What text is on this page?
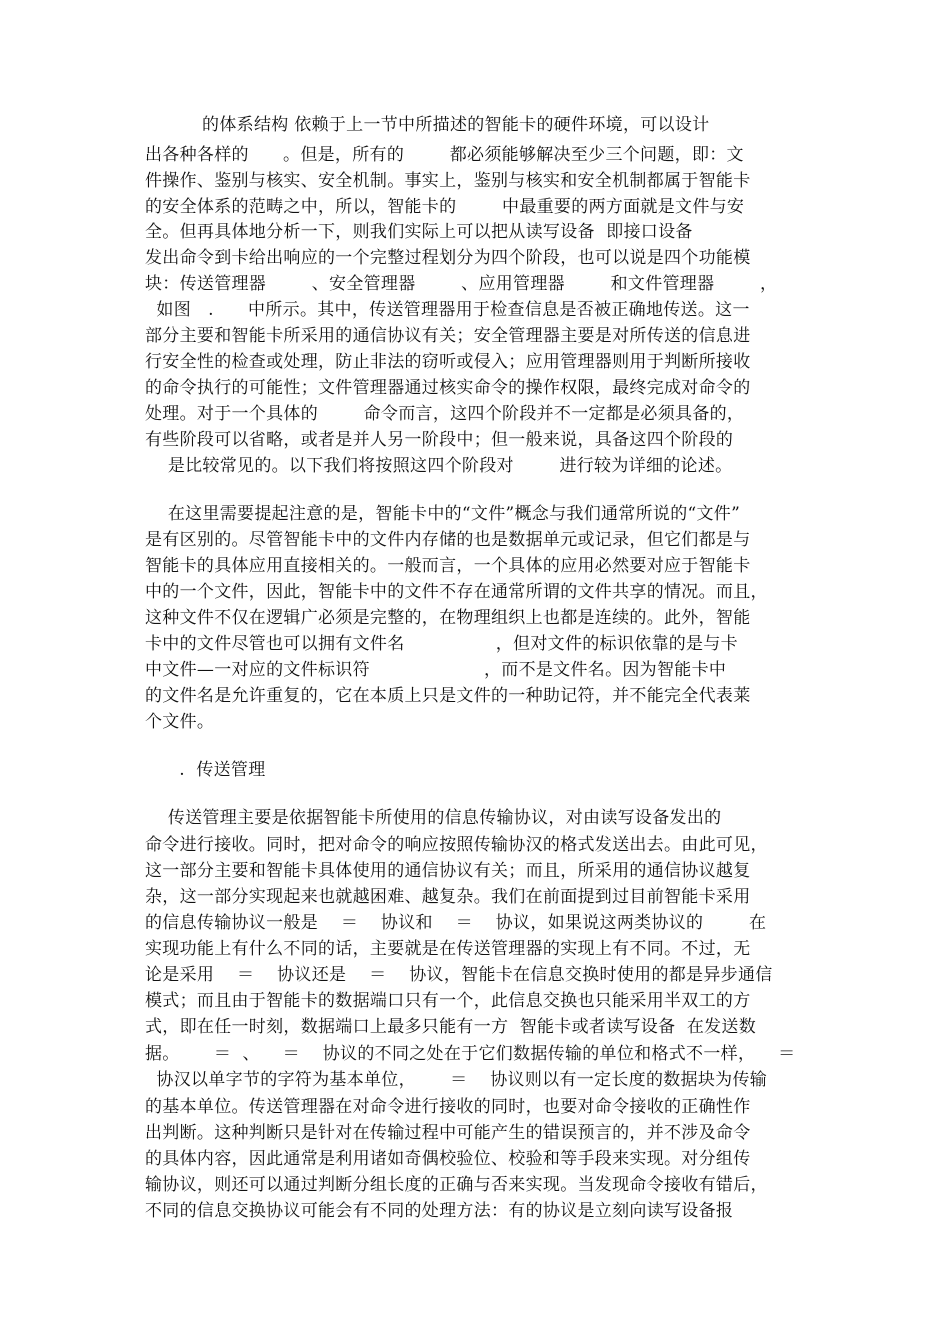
的体系结构 依赖于上一节中所描述的智能卡的硬件环境，可以设计
出各种各样的      。但是，所有的        都必须能够解决至少三个问题，即：文
件操作、鉴别与核实、安全机制。事实上，鉴别与核实和安全机制都属于智能卡
的安全体系的范畴之中，所以，智能卡的        中最重要的两方面就是文件与安
全。但再具体地分析一下，则我们实际上可以把从读写设备  即接口设备
发出命令到卡给出响应的一个完整过程划分为四个阶段，也可以说是四个功能模
块：传送管理器        、安全管理器        、应用管理器        和文件管理器        ，
如图   .      中所示。其中，传送管理器用于检查信息是否被正确地传送。这一
部分主要和智能卡所采用的通信协议有关；安全管理器主要是对所传送的信息进
行安全性的检查或处理，防止非法的窃听或侵入；应用管理器则用于判断所接收
的命令执行的可能性；文件管理器通过核实命令的操作权限，最终完成对命令的
处理。对于一个具体的        命令而言，这四个阶段并不一定都是必须具备的，
有些阶段可以省略，或者是并人另一阶段中；但一般来说，具备这四个阶段的
是比较常见的。以下我们将按照这四个阶段对        进行较为详细的论述。
在这里需要提起注意的是，智能卡中的“文件”概念与我们通常所说的“文件”
是有区别的。尽管智能卡中的文件内存储的也是数据单元或记录，但它们都是与
智能卡的具体应用直接相关的。一般而言，一个具体的应用必然要对应于智能卡
中的一个文件，因此，智能卡中的文件不存在通常所谓的文件共享的情况。而且，
这种文件不仅在逻辑广必须是完整的，在物理组织上也都是连续的。此外，智能
卡中的文件尽管也可以拥有文件名                ，但对文件的标识依靠的是与卡
中文件—一对应的文件标识符                    ，而不是文件名。因为智能卡中
的文件名是允许重复的，它在本质上只是文件的一种助记符，并不能完全代表莱
个文件。
.  传送管理
传送管理主要是依据智能卡所使用的信息传输协议，对由读写设备发出的
命令进行接收。同时，把对命令的响应按照传输协汉的格式发送出去。由此可见，
这一部分主要和智能卡具体使用的通信协议有关；而且，所采用的通信协议越复
杂，这一部分实现起来也就越困难、越复杂。我们在前面提到过目前智能卡采用
的信息传输协议一般是    ＝    协议和    ＝    协议，如果说这两类协议的        在
实现功能上有什么不同的话，主要就是在传送管理器的实现上有不同。不过，无
论是采用    ＝    协议还是    ＝    协议，智能卡在信息交换时使用的都是异步通信
模式；而且由于智能卡的数据端口只有一个，此信息交换也只能采用半双工的方
式，即在任一时刻，数据端口上最多只能有一方  智能卡或者读写设备  在发送数
据。      ＝  、    ＝    协议的不同之处在于它们数据传输的单位和格式不一样，    ＝
协汉以单字节的字符为基本单位，      ＝    协议则以有一定长度的数据块为传输
的基本单位。传送管理器在对命令进行接收的同时，也要对命令接收的正确性作
出判断。这种判断只是针对在传输过程中可能产生的错误预言的，并不涉及命令
的具体内容，因此通常是利用诸如奇偶校验位、校验和等手段来实现。对分组传
输协议，则还可以通过判断分组长度的正确与否来实现。当发现命令接收有错后，
不同的信息交换协议可能会有不同的处理方法：有的协议是立刻向读写设备报
